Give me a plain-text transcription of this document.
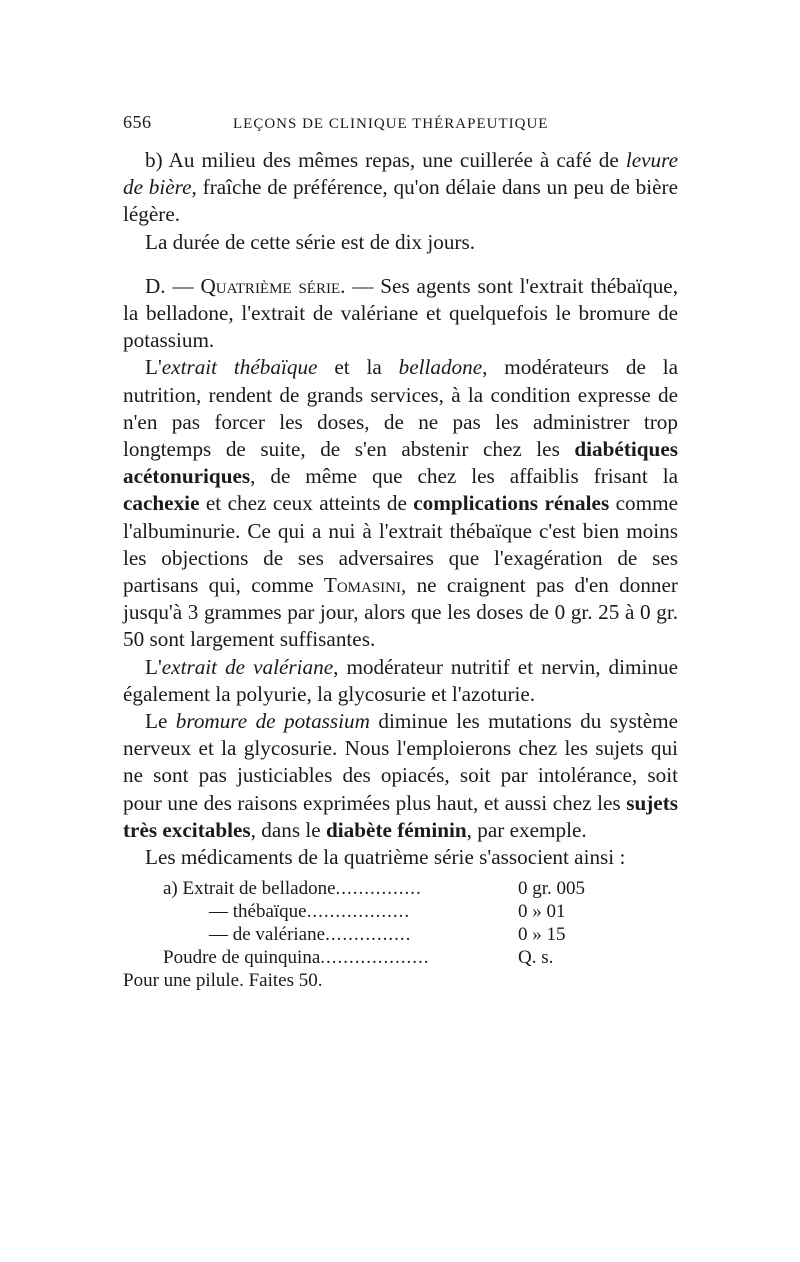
656	LEÇONS DE CLINIQUE THÉRAPEUTIQUE

b) Au milieu des mêmes repas, une cuillerée à café de levure de bière, fraîche de préférence, qu'on délaie dans un peu de bière légère.

La durée de cette série est de dix jours.

D. — Quatrième série. — Ses agents sont l'extrait thébaïque, la belladone, l'extrait de valériane et quelquefois le bromure de potassium.

L'extrait thébaïque et la belladone, modérateurs de la nutrition, rendent de grands services, à la condition expresse de n'en pas forcer les doses, de ne pas les administrer trop longtemps de suite, de s'en abstenir chez les diabétiques acétonuriques, de même que chez les affaiblis frisant la cachexie et chez ceux atteints de complications rénales comme l'albuminurie. Ce qui a nui à l'extrait thébaïque c'est bien moins les objections de ses adversaires que l'exagération de ses partisans qui, comme Tomasini, ne craignent pas d'en donner jusqu'à 3 grammes par jour, alors que les doses de 0 gr. 25 à 0 gr. 50 sont largement suffisantes.

L'extrait de valériane, modérateur nutritif et nervin, diminue également la polyurie, la glycosurie et l'azoturie.

Le bromure de potassium diminue les mutations du système nerveux et la glycosurie. Nous l'emploierons chez les sujets qui ne sont pas justiciables des opiacés, soit par intolérance, soit pour une des raisons exprimées plus haut, et aussi chez les sujets très excitables, dans le diabète féminin, par exemple.

Les médicaments de la quatrième série s'associent ainsi :

a) Extrait de belladone ...............	0 gr. 005
— thébaïque ..................	0 » 01
— de valériane ...............	0 » 15
Poudre de quinquina ...................	Q. s.
Pour une pilule. Faites 50.
